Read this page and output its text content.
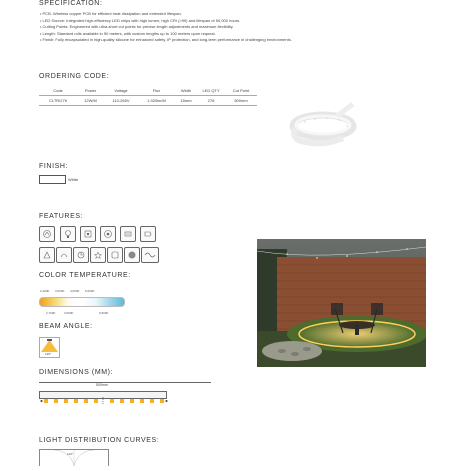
SPECIFICATION:
• PCB: Wireless copper PCB for efficient heat dissipation and extended lifespan.
• LED Source: Integrated high-efficiency LED chips with high lumen, high CRI (>90) and lifespan of 50,000 hours.
• Cutting Points: Engineered with ultra-short cut points for precise length adjustments and maximum flexibility.
• Length: Standard rolls available in 50 meters, with custom lengths up to 100 meters upon request.
• Finish: Fully encapsulated in high-quality silicone for enhanced safety, IP protection, and long-term performance in challenging environments.
ORDERING CODE:
Code	Power	Voltage	Flux	Width	LED QTY	Cut Point
CLTRI276	12W/M	110-265V	1,920lm/M	15mm	276	500mm
FINISH:
White
FEATURES:
COLOR TEMPERATURE:
2,400K 3,000K 4,000K 5,000K
2,700K	3,500K	6,500K
BEAM ANGLE:
120°
DIMENSIONS (MM):
500mm
LIGHT DISTRIBUTION CURVES:
120°
